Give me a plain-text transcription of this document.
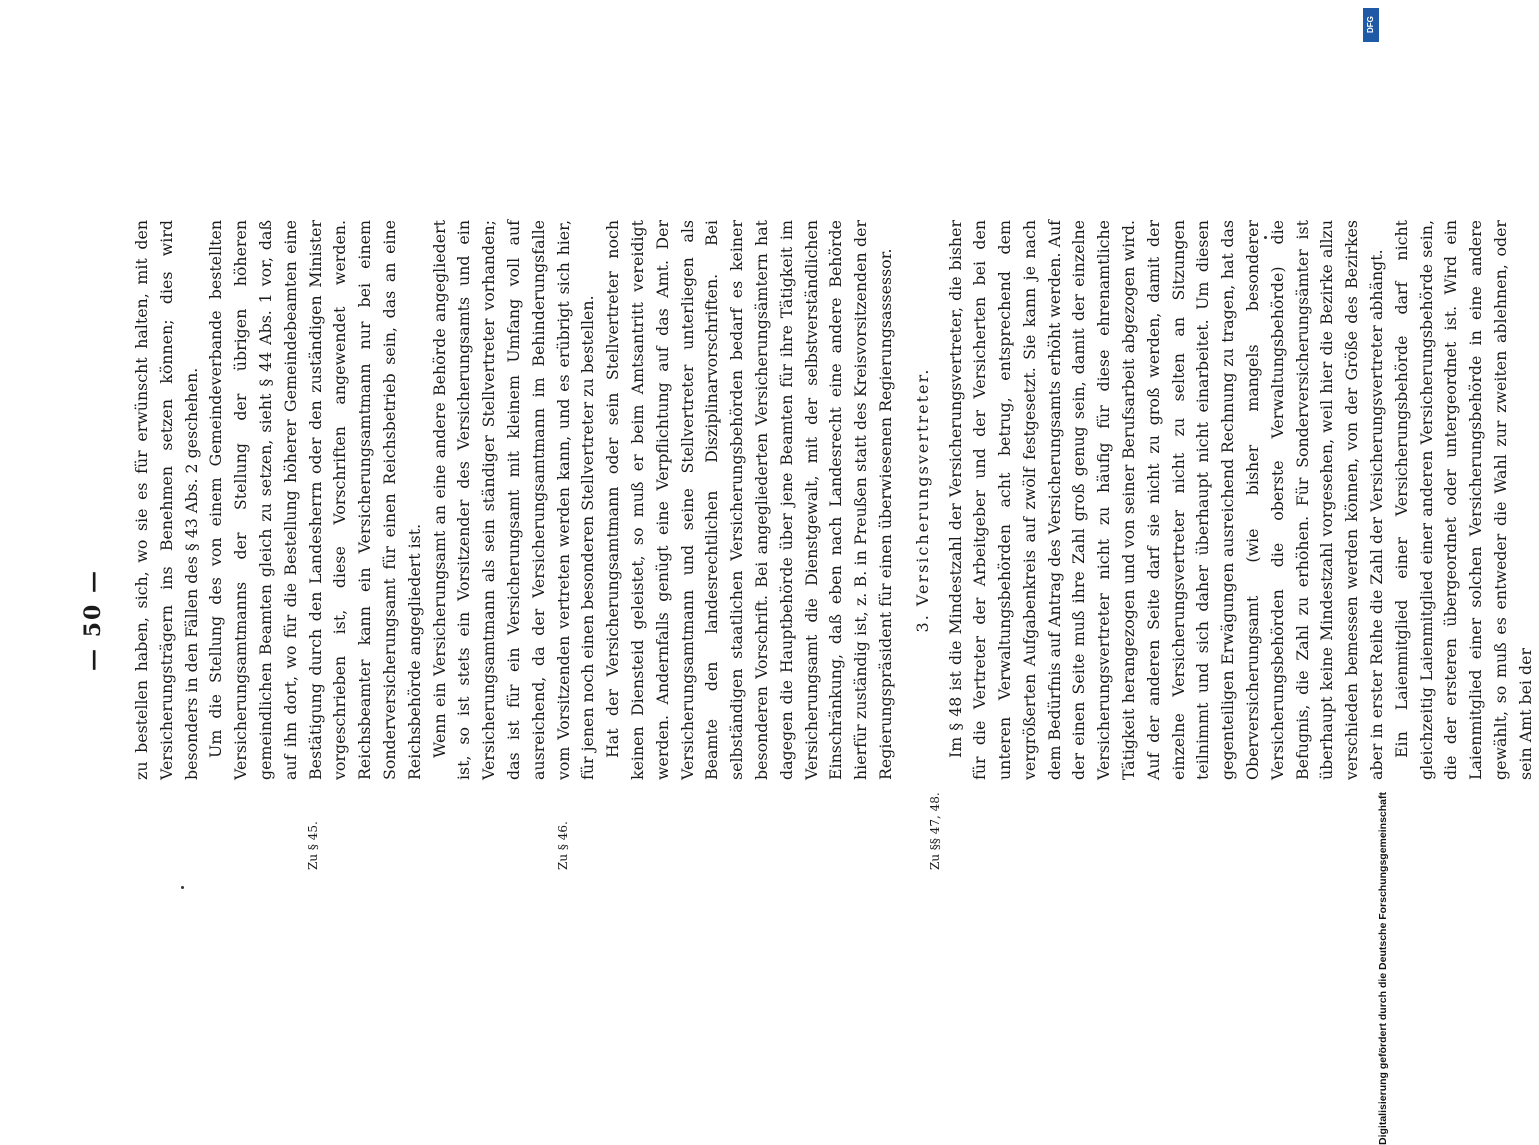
— 50 —
Zu § 45.	Zu § 46.	Zu §§ 47, 48.

zu bestellen haben, sich, wo sie es für erwünscht halten, mit den Versicherungsträgern ins Benehmen setzen können; dies wird besonders in den Fällen des § 43 Abs. 2 geschehen. Um die Stellung des von einem Gemeindeverbande bestellten Versicherungsamtmanns der Stellung der übrigen höheren gemeindlichen Beamten gleich zu setzen, sieht § 44 Abs. 1 vor, daß auf ihn dort, wo für die Bestellung höherer Gemeindebeamten eine Bestätigung durch den Landesherrn oder den zuständigen Minister vorgeschrieben ist, diese Vorschriften angewendet werden. Reichsbeamter kann ein Versicherungsamtmann nur bei einem Sonderversicherungsamt für einen Reichsbetrieb sein, das an eine Reichsbehörde angegliedert ist. Wenn ein Versicherungsamt an eine andere Behörde angegliedert ist, so ist stets ein Vorsitzender des Versicherungsamts und ein Versicherungsamtmann als sein ständiger Stellvertreter vorhanden; das ist für ein Versicherungsamt mit kleinem Umfang voll auf ausreichend, da der Versicherungsamtmann im Behinderungsfalle vom Vorsitzenden vertreten werden kann, und es erübrigt sich hier, für jenen noch einen besonderen Stellvertreter zu bestellen. Hat der Versicherungsamtmann oder sein Stellvertreter noch keinen Diensteid geleistet, so muß er beim Amtsantritt vereidigt werden. Andernfalls genügt eine Verpflichtung auf das Amt. Der Versicherungsamtmann und seine Stellvertreter unterliegen als Beamte den landesrechtlichen Disziplinarvorschriften. Bei selbständigen staatlichen Versicherungsbehörden bedarf es keiner besonderen Vorschrift. Bei angegliederten Versicherungsämtern hat dagegen die Hauptbehörde über jene Beamten für ihre Tätigkeit im Versicherungsamt die Dienstgewalt, mit der selbstverständlichen Einschränkung, daß eben nach Landesrecht eine andere Behörde hierfür zuständig ist, z. B. in Preußen statt des Kreisvorsitzenden der Regierungspräsident für einen überwiesenen Regierungsassessor. 3. Versicherungsvertreter. Im § 48 ist die Mindestzahl der Versicherungsvertreter, die bisher für die Vertreter der Arbeitgeber und der Versicherten bei den unteren Verwaltungsbehörden acht betrug, entsprechend dem vergrößerten Aufgabenkreis auf zwölf festgesetzt. Sie kann je nach dem Bedürfnis auf Antrag des Versicherungsamts erhöht werden. Auf der einen Seite muß ihre Zahl groß genug sein, damit der einzelne Versicherungsvertreter nicht zu häufig für diese ehrenamtliche Tätigkeit herangezogen und von seiner Berufsarbeit abgezogen wird. Auf der anderen Seite darf sie nicht zu groß werden, damit der einzelne Versicherungsvertreter nicht zu selten an Sitzungen teilnimmt und sich daher überhaupt nicht einarbeitet. Um diesen gegenteiligen Erwägungen ausreichend Rechnung zu tragen, hat das Oberversicherungsamt (wie bisher mangels besonderer Versicherungsbehörden die oberste Verwaltungsbehörde) die Befugnis, die Zahl zu erhöhen. Für Sonderversicherungsämter ist überhaupt keine Mindestzahl vorgesehen, weil hier die Bezirke allzu verschieden bemessen werden können, von der Größe des Bezirkes aber in erster Reihe die Zahl der Versicherungsvertreter abhängt. Ein Laienmitglied einer Versicherungsbehörde darf nicht gleichzeitig Laienmitglied einer anderen Versicherungsbehörde sein, die der ersteren übergeordnet oder untergeordnet ist. Wird ein Laienmitglied einer solchen Versicherungsbehörde in eine andere gewählt, so muß es entweder die Wahl zur zweiten ablehnen, oder sein Amt bei der

DFG
Digitalisierung gefördert durch die Deutsche Forschungsgemeinschaft
